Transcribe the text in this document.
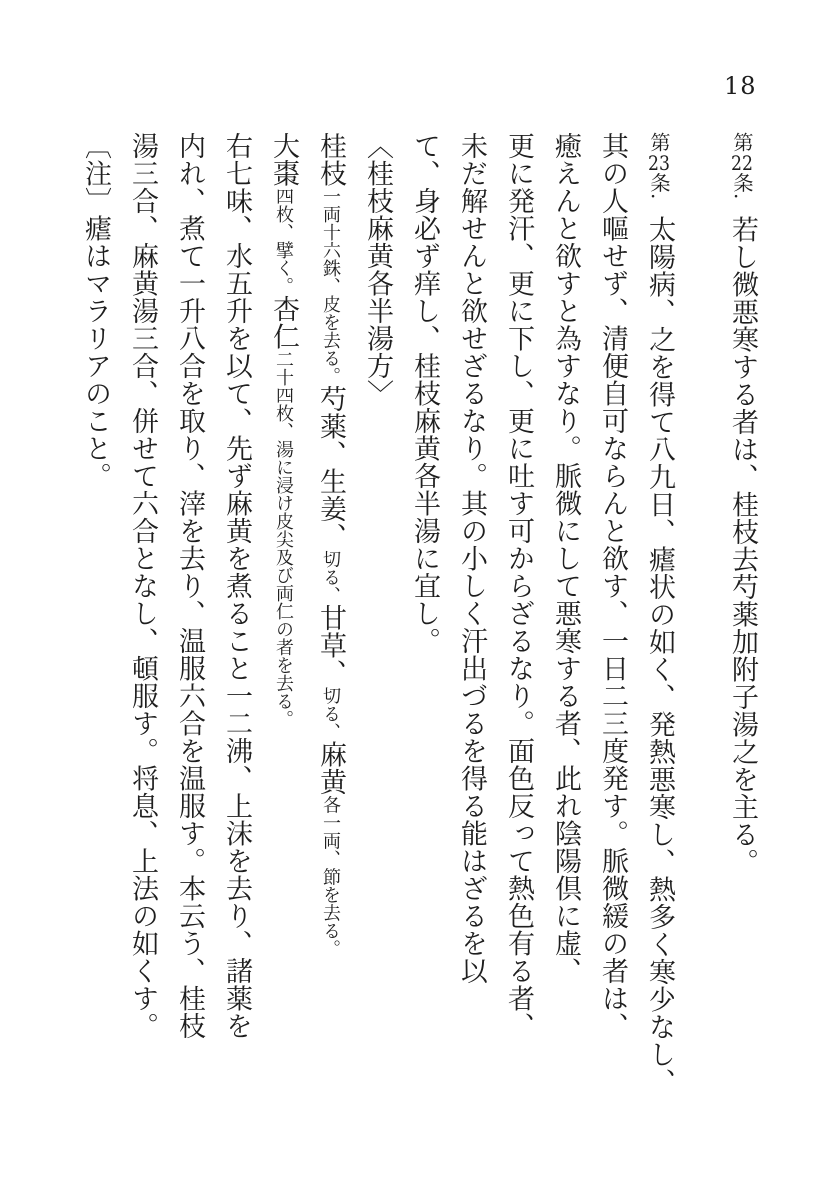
18

第22条.若し微悪寒する者は、桂枝去芍薬加附子湯之を主る。

第23条.太陽病、之を得て八九日、瘧状の如く、発熱悪寒し、熱多く寒少なし、

其の人嘔せず、清便自可ならんと欲す、一日二三度発す。脈微緩の者は、

癒えんと欲すと為すなり。脈微にして悪寒する者、此れ陰陽倶に虚、

更に発汗、更に下し、更に吐す可からざるなり。面色反って熱色有る者、

未だ解せんと欲せざるなり。其の小しく汗出づるを得る能はざるを以

て、身必ず痒し、桂枝麻黄各半湯に宜し。

〈桂枝麻黄各半湯方〉

桂枝一両十六銖、皮を去る。芍薬、生姜、切る、甘草、切る、麻黄各一両、節を去る。

大棗四枚、擘く。杏仁二十四枚、湯に浸け皮尖及び両仁の者を去る。

右七味、水五升を以て、先ず麻黄を煮ること一二沸、上沫を去り、諸薬を

内れ、煮て一升八合を取り、滓を去り、温服六合を温服す。本云う、桂枝

湯三合、麻黄湯三合、併せて六合となし、頓服す。将息、上法の如くす。

〔注〕瘧はマラリアのこと。
